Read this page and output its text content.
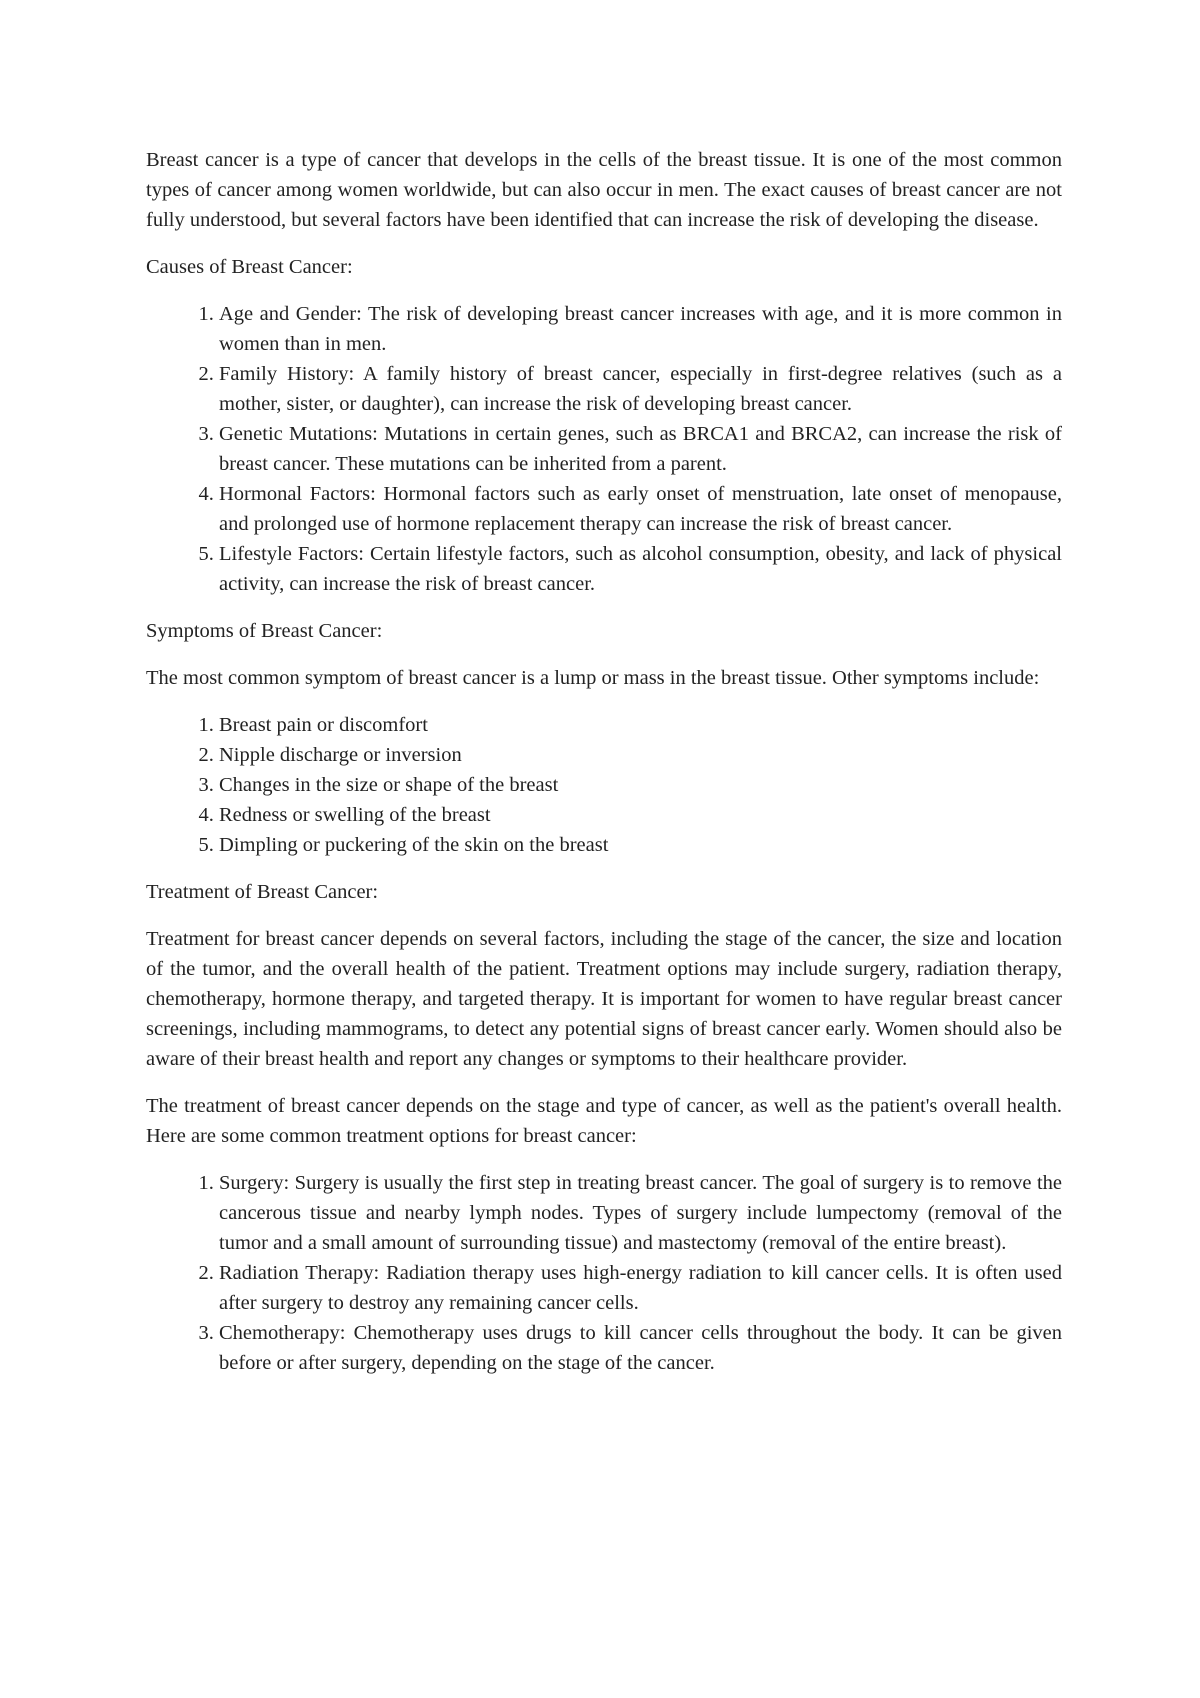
Breast cancer is a type of cancer that develops in the cells of the breast tissue. It is one of the most common types of cancer among women worldwide, but can also occur in men. The exact causes of breast cancer are not fully understood, but several factors have been identified that can increase the risk of developing the disease.

Causes of Breast Cancer:

1. Age and Gender: The risk of developing breast cancer increases with age, and it is more common in women than in men.
2. Family History: A family history of breast cancer, especially in first-degree relatives (such as a mother, sister, or daughter), can increase the risk of developing breast cancer.
3. Genetic Mutations: Mutations in certain genes, such as BRCA1 and BRCA2, can increase the risk of breast cancer. These mutations can be inherited from a parent.
4. Hormonal Factors: Hormonal factors such as early onset of menstruation, late onset of menopause, and prolonged use of hormone replacement therapy can increase the risk of breast cancer.
5. Lifestyle Factors: Certain lifestyle factors, such as alcohol consumption, obesity, and lack of physical activity, can increase the risk of breast cancer.

Symptoms of Breast Cancer:

The most common symptom of breast cancer is a lump or mass in the breast tissue. Other symptoms include:

1. Breast pain or discomfort
2. Nipple discharge or inversion
3. Changes in the size or shape of the breast
4. Redness or swelling of the breast
5. Dimpling or puckering of the skin on the breast

Treatment of Breast Cancer:

Treatment for breast cancer depends on several factors, including the stage of the cancer, the size and location of the tumor, and the overall health of the patient. Treatment options may include surgery, radiation therapy, chemotherapy, hormone therapy, and targeted therapy. It is important for women to have regular breast cancer screenings, including mammograms, to detect any potential signs of breast cancer early. Women should also be aware of their breast health and report any changes or symptoms to their healthcare provider.

The treatment of breast cancer depends on the stage and type of cancer, as well as the patient's overall health. Here are some common treatment options for breast cancer:

1. Surgery: Surgery is usually the first step in treating breast cancer. The goal of surgery is to remove the cancerous tissue and nearby lymph nodes. Types of surgery include lumpectomy (removal of the tumor and a small amount of surrounding tissue) and mastectomy (removal of the entire breast).
2. Radiation Therapy: Radiation therapy uses high-energy radiation to kill cancer cells. It is often used after surgery to destroy any remaining cancer cells.
3. Chemotherapy: Chemotherapy uses drugs to kill cancer cells throughout the body. It can be given before or after surgery, depending on the stage of the cancer.
